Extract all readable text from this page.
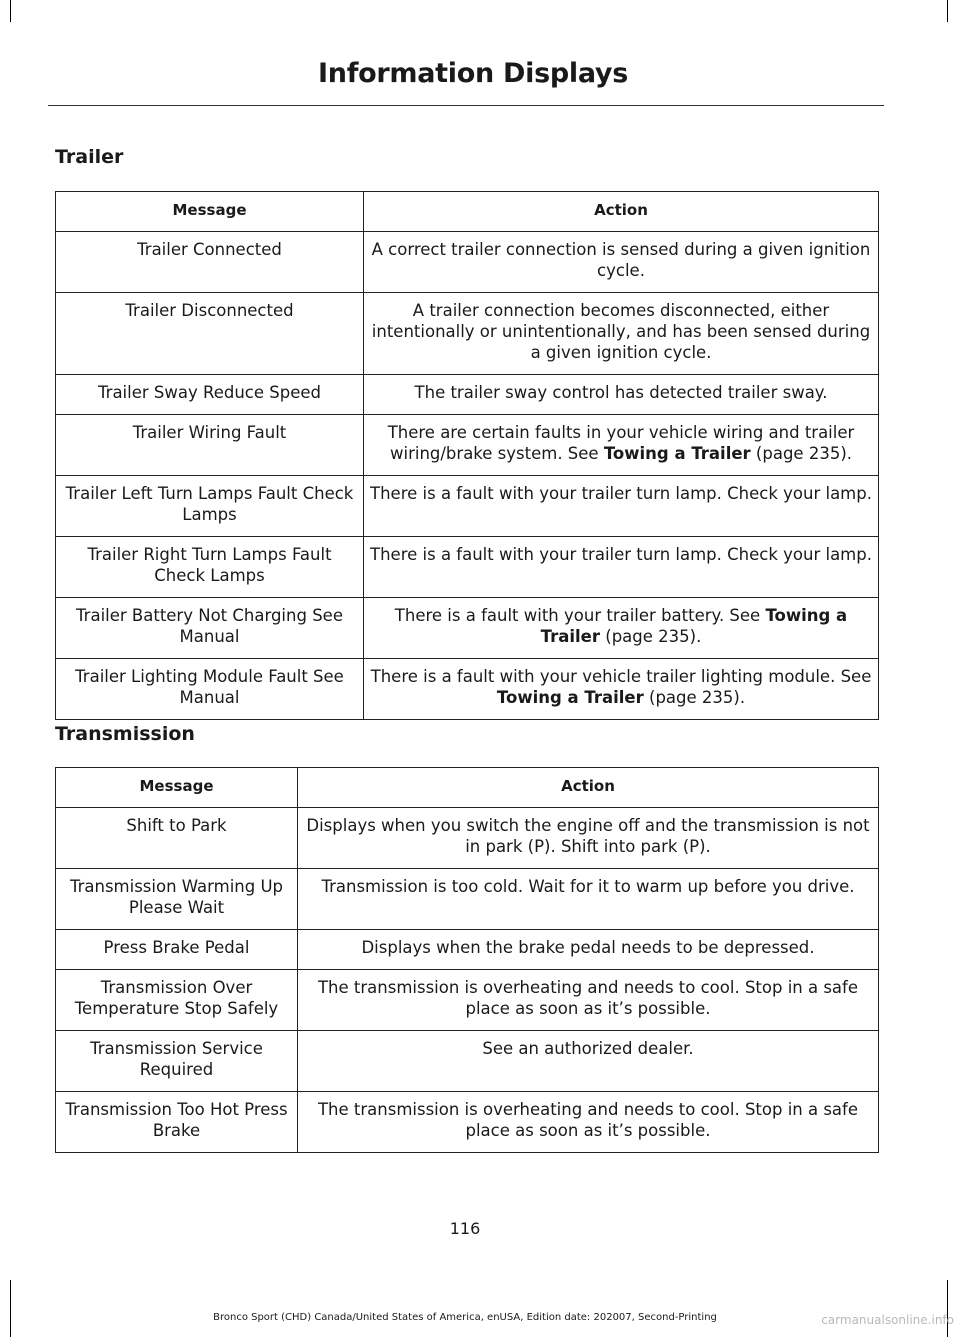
Information Displays
Trailer
Message	Action
Trailer Connected	A correct trailer connection is sensed during a given ignition cycle.
Trailer Disconnected	A trailer connection becomes disconnected, either intentionally or unintentionally, and has been sensed during a given ignition cycle.
Trailer Sway Reduce Speed	The trailer sway control has detected trailer sway.
Trailer Wiring Fault	There are certain faults in your vehicle wiring and trailer wiring/brake system. See Towing a Trailer (page 235).
Trailer Left Turn Lamps Fault Check Lamps	There is a fault with your trailer turn lamp. Check your lamp.
Trailer Right Turn Lamps Fault Check Lamps	There is a fault with your trailer turn lamp. Check your lamp.
Trailer Battery Not Charging See Manual	There is a fault with your trailer battery. See Towing a Trailer (page 235).
Trailer Lighting Module Fault See Manual	There is a fault with your vehicle trailer lighting module. See Towing a Trailer (page 235).
Transmission
Message	Action
Shift to Park	Displays when you switch the engine off and the transmission is not in park (P). Shift into park (P).
Transmission Warming Up Please Wait	Transmission is too cold. Wait for it to warm up before you drive.
Press Brake Pedal	Displays when the brake pedal needs to be depressed.
Transmission Over Temperature Stop Safely	The transmission is overheating and needs to cool. Stop in a safe place as soon as it’s possible.
Transmission Service Required	See an authorized dealer.
Transmission Too Hot Press Brake	The transmission is overheating and needs to cool. Stop in a safe place as soon as it’s possible.
116
Bronco Sport (CHD) Canada/United States of America, enUSA, Edition date: 202007, Second-Printing	carmanualsonline.info
